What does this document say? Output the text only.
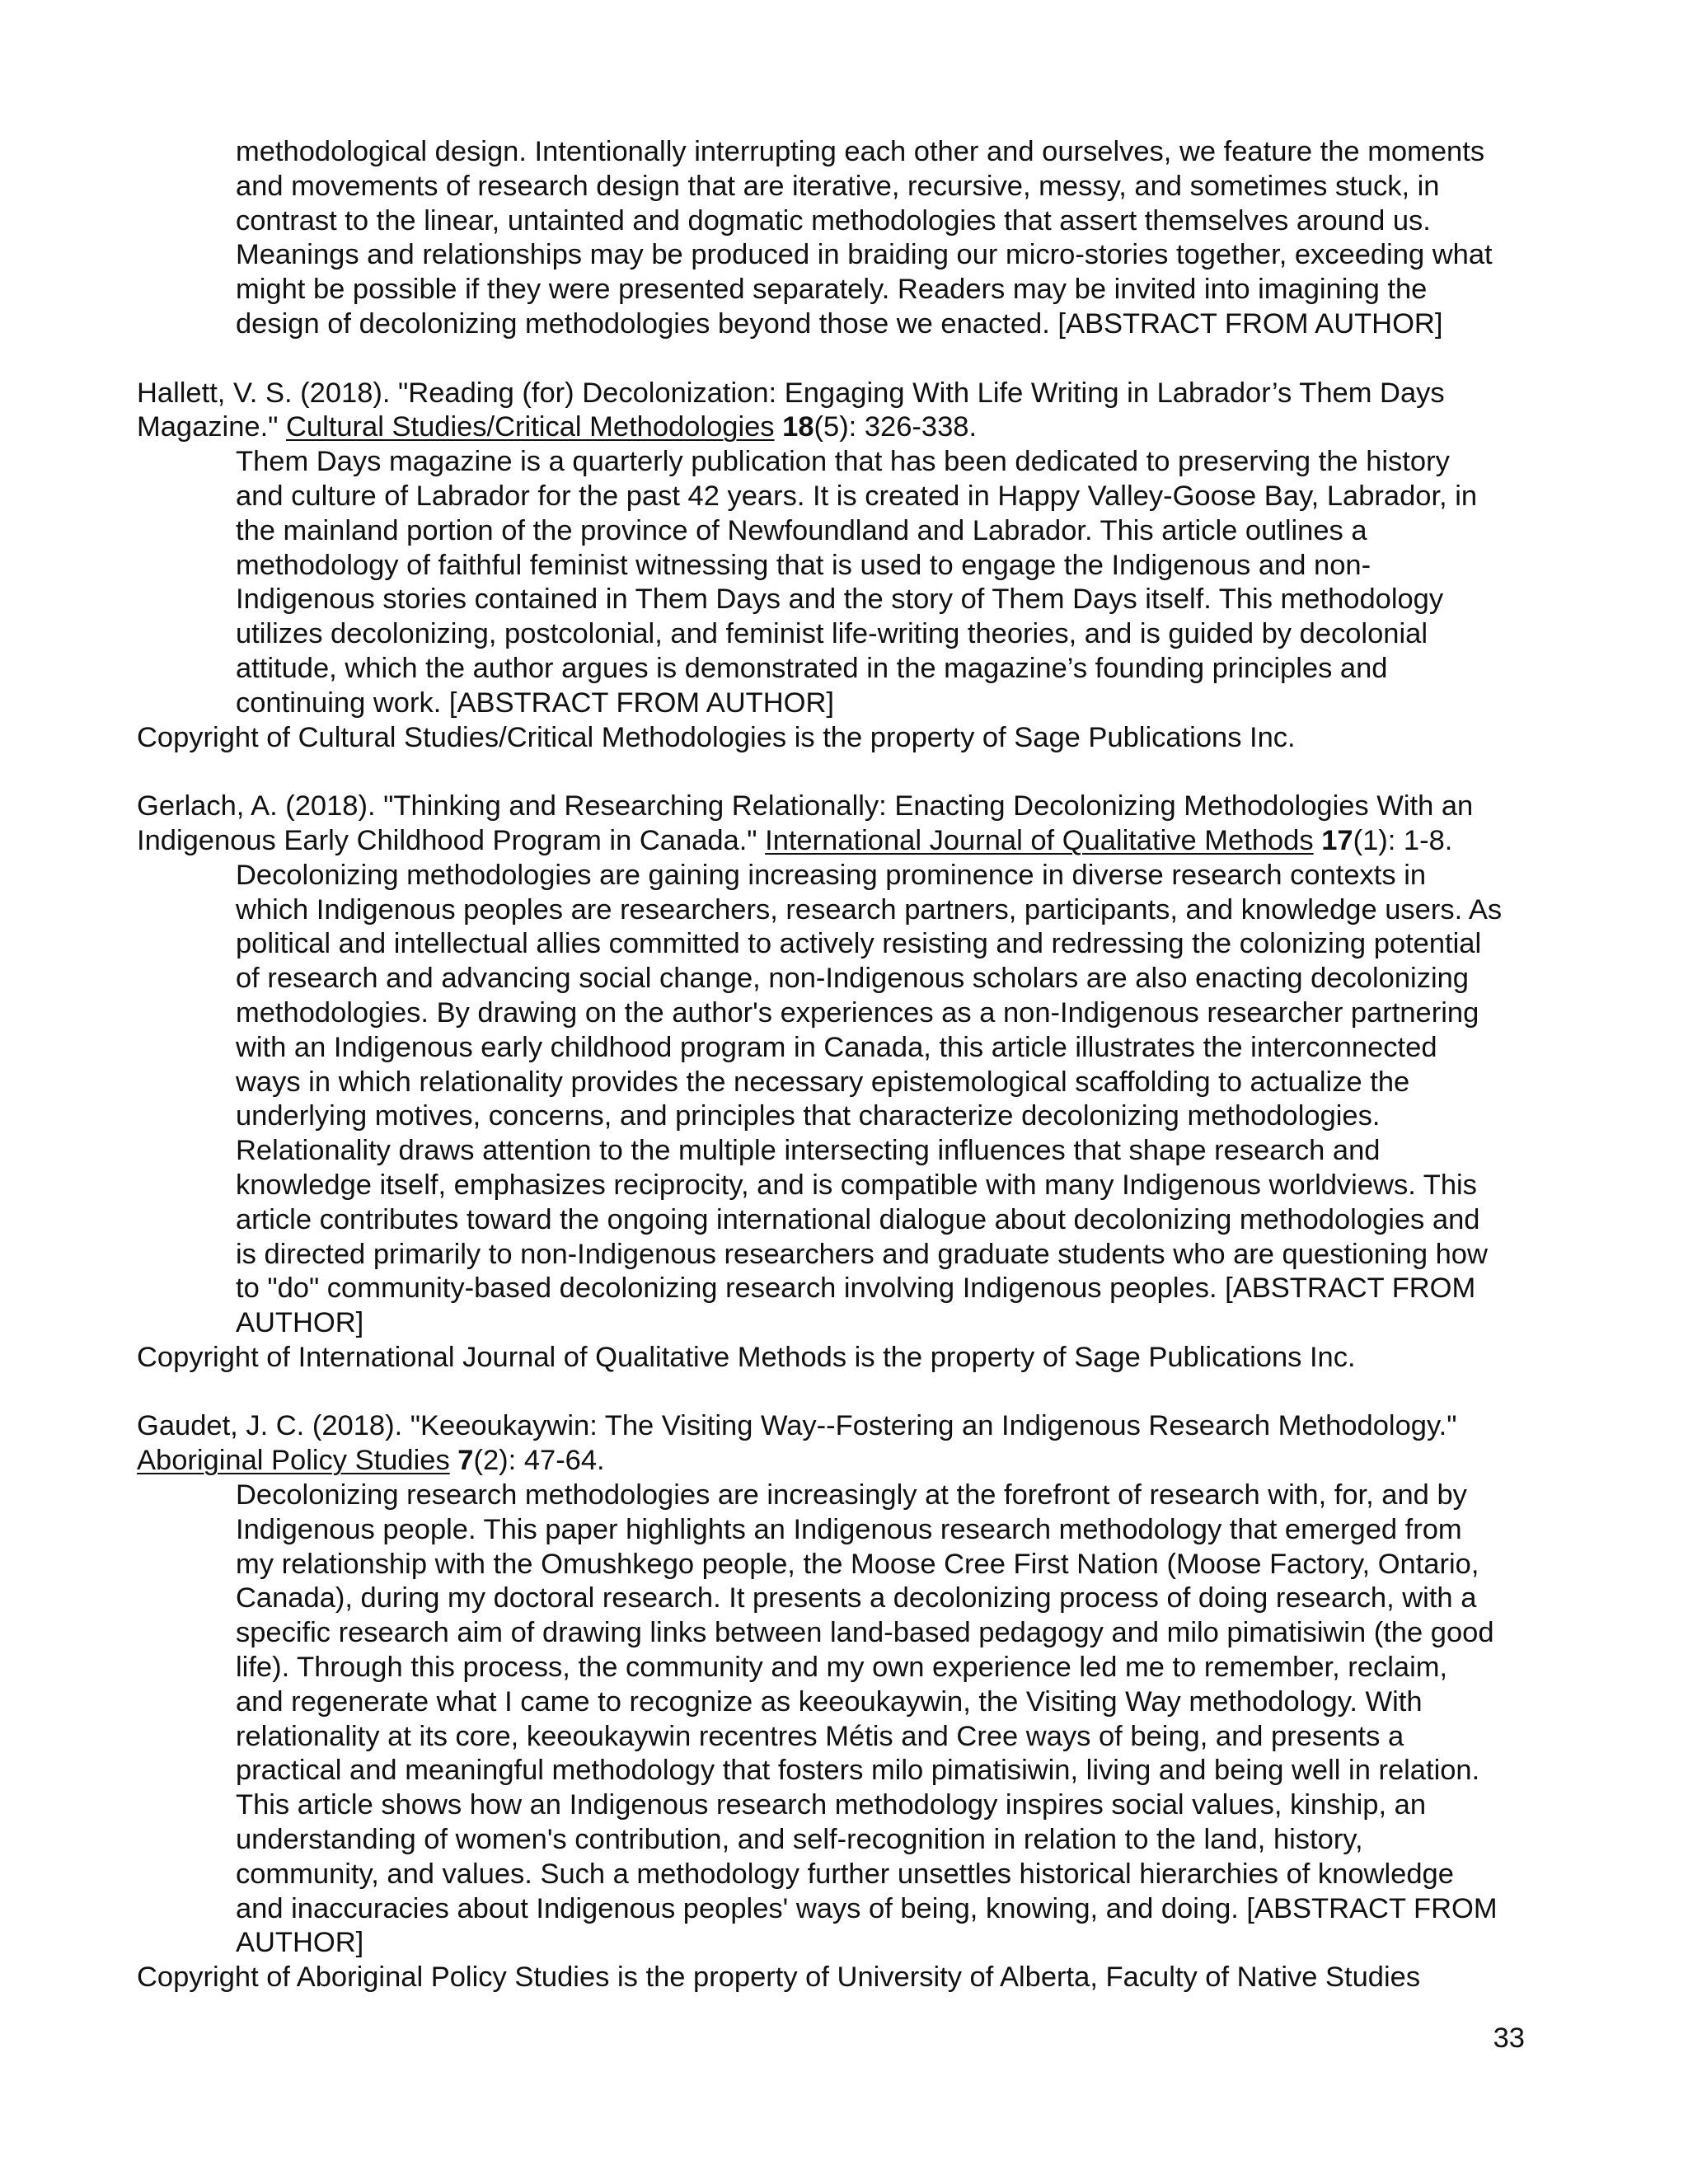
methodological design. Intentionally interrupting each other and ourselves, we feature the moments
and movements of research design that are iterative, recursive, messy, and sometimes stuck, in
contrast to the linear, untainted and dogmatic methodologies that assert themselves around us.
Meanings and relationships may be produced in braiding our micro-stories together, exceeding what
might be possible if they were presented separately. Readers may be invited into imagining the
design of decolonizing methodologies beyond those we enacted. [ABSTRACT FROM AUTHOR]
Hallett, V. S. (2018). "Reading (for) Decolonization: Engaging With Life Writing in Labrador’s Them Days
Magazine." Cultural Studies/Critical Methodologies 18(5): 326-338.
Them Days magazine is a quarterly publication that has been dedicated to preserving the history
and culture of Labrador for the past 42 years. It is created in Happy Valley-Goose Bay, Labrador, in
the mainland portion of the province of Newfoundland and Labrador. This article outlines a
methodology of faithful feminist witnessing that is used to engage the Indigenous and non-
Indigenous stories contained in Them Days and the story of Them Days itself. This methodology
utilizes decolonizing, postcolonial, and feminist life-writing theories, and is guided by decolonial
attitude, which the author argues is demonstrated in the magazine’s founding principles and
continuing work. [ABSTRACT FROM AUTHOR]
Copyright of Cultural Studies/Critical Methodologies is the property of Sage Publications Inc.
Gerlach, A. (2018). "Thinking and Researching Relationally: Enacting Decolonizing Methodologies With an
Indigenous Early Childhood Program in Canada." International Journal of Qualitative Methods 17(1): 1-8.
Decolonizing methodologies are gaining increasing prominence in diverse research contexts in
which Indigenous peoples are researchers, research partners, participants, and knowledge users. As
political and intellectual allies committed to actively resisting and redressing the colonizing potential
of research and advancing social change, non-Indigenous scholars are also enacting decolonizing
methodologies. By drawing on the author's experiences as a non-Indigenous researcher partnering
with an Indigenous early childhood program in Canada, this article illustrates the interconnected
ways in which relationality provides the necessary epistemological scaffolding to actualize the
underlying motives, concerns, and principles that characterize decolonizing methodologies.
Relationality draws attention to the multiple intersecting influences that shape research and
knowledge itself, emphasizes reciprocity, and is compatible with many Indigenous worldviews. This
article contributes toward the ongoing international dialogue about decolonizing methodologies and
is directed primarily to non-Indigenous researchers and graduate students who are questioning how
to "do" community-based decolonizing research involving Indigenous peoples. [ABSTRACT FROM
AUTHOR]
Copyright of International Journal of Qualitative Methods is the property of Sage Publications Inc.
Gaudet, J. C. (2018). "Keeoukaywin: The Visiting Way--Fostering an Indigenous Research Methodology."
Aboriginal Policy Studies 7(2): 47-64.
Decolonizing research methodologies are increasingly at the forefront of research with, for, and by
Indigenous people. This paper highlights an Indigenous research methodology that emerged from
my relationship with the Omushkego people, the Moose Cree First Nation (Moose Factory, Ontario,
Canada), during my doctoral research. It presents a decolonizing process of doing research, with a
specific research aim of drawing links between land-based pedagogy and milo pimatisiwin (the good
life). Through this process, the community and my own experience led me to remember, reclaim,
and regenerate what I came to recognize as keeoukaywin, the Visiting Way methodology. With
relationality at its core, keeoukaywin recentres Métis and Cree ways of being, and presents a
practical and meaningful methodology that fosters milo pimatisiwin, living and being well in relation.
This article shows how an Indigenous research methodology inspires social values, kinship, an
understanding of women's contribution, and self-recognition in relation to the land, history,
community, and values. Such a methodology further unsettles historical hierarchies of knowledge
and inaccuracies about Indigenous peoples' ways of being, knowing, and doing. [ABSTRACT FROM
AUTHOR]
Copyright of Aboriginal Policy Studies is the property of University of Alberta, Faculty of Native Studies
33
